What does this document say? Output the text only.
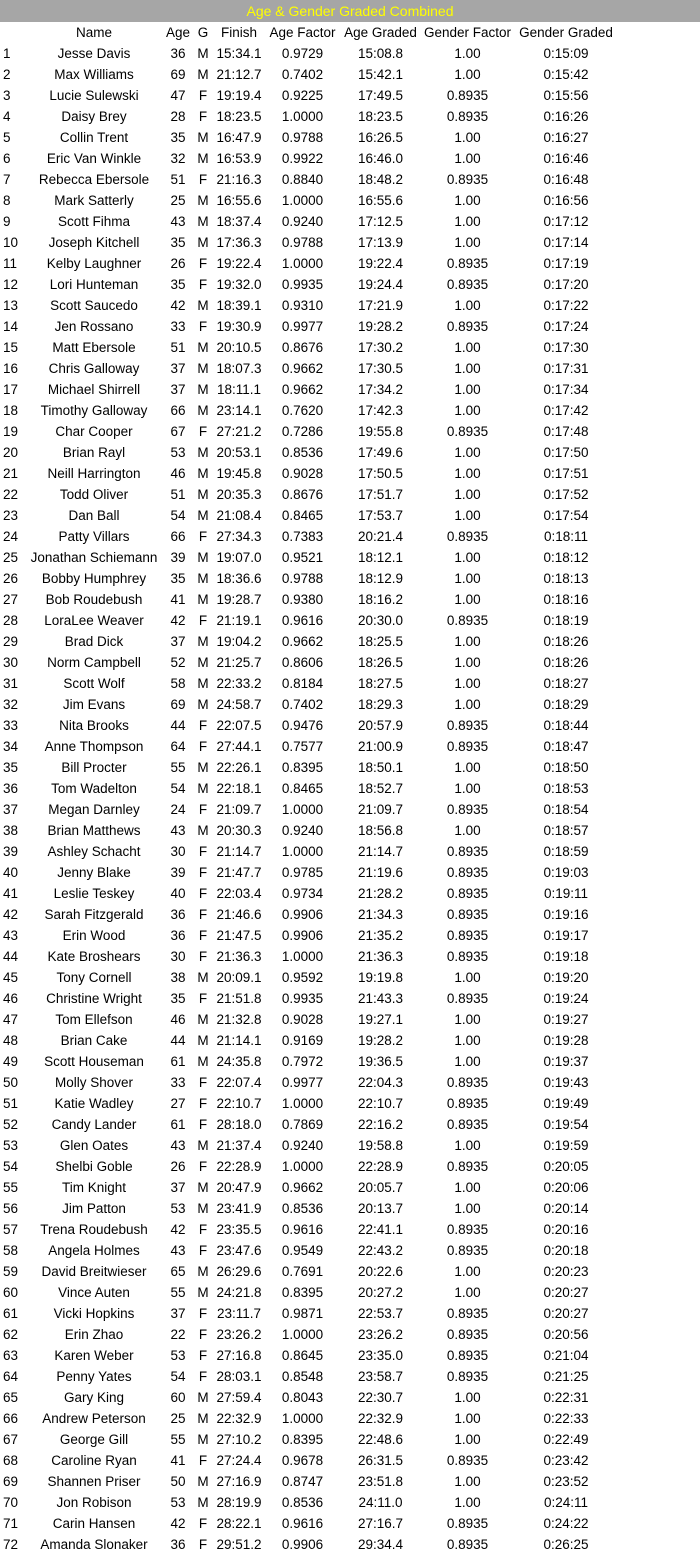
Age & Gender Graded Combined
	Name	Age	G	Finish	Age Factor	Age Graded	Gender Factor	Gender Graded	
1	Jesse Davis	36	M	15:34.1	0.9729	15:08.8	1.00	0:15:09	
2	Max Williams	69	M	21:12.7	0.7402	15:42.1	1.00	0:15:42	
3	Lucie Sulewski	47	F	19:19.4	0.9225	17:49.5	0.8935	0:15:56	
4	Daisy Brey	28	F	18:23.5	1.0000	18:23.5	0.8935	0:16:26	
5	Collin Trent	35	M	16:47.9	0.9788	16:26.5	1.00	0:16:27	
6	Eric Van Winkle	32	M	16:53.9	0.9922	16:46.0	1.00	0:16:46	
7	Rebecca Ebersole	51	F	21:16.3	0.8840	18:48.2	0.8935	0:16:48	
8	Mark Satterly	25	M	16:55.6	1.0000	16:55.6	1.00	0:16:56	
9	Scott Fihma	43	M	18:37.4	0.9240	17:12.5	1.00	0:17:12	
10	Joseph Kitchell	35	M	17:36.3	0.9788	17:13.9	1.00	0:17:14	
11	Kelby Laughner	26	F	19:22.4	1.0000	19:22.4	0.8935	0:17:19	
12	Lori Hunteman	35	F	19:32.0	0.9935	19:24.4	0.8935	0:17:20	
13	Scott Saucedo	42	M	18:39.1	0.9310	17:21.9	1.00	0:17:22	
14	Jen Rossano	33	F	19:30.9	0.9977	19:28.2	0.8935	0:17:24	
15	Matt Ebersole	51	M	20:10.5	0.8676	17:30.2	1.00	0:17:30	
16	Chris Galloway	37	M	18:07.3	0.9662	17:30.5	1.00	0:17:31	
17	Michael Shirrell	37	M	18:11.1	0.9662	17:34.2	1.00	0:17:34	
18	Timothy Galloway	66	M	23:14.1	0.7620	17:42.3	1.00	0:17:42	
19	Char Cooper	67	F	27:21.2	0.7286	19:55.8	0.8935	0:17:48	
20	Brian Rayl	53	M	20:53.1	0.8536	17:49.6	1.00	0:17:50	
21	Neill Harrington	46	M	19:45.8	0.9028	17:50.5	1.00	0:17:51	
22	Todd Oliver	51	M	20:35.3	0.8676	17:51.7	1.00	0:17:52	
23	Dan Ball	54	M	21:08.4	0.8465	17:53.7	1.00	0:17:54	
24	Patty Villars	66	F	27:34.3	0.7383	20:21.4	0.8935	0:18:11	
25	Jonathan Schiemann	39	M	19:07.0	0.9521	18:12.1	1.00	0:18:12	
26	Bobby Humphrey	35	M	18:36.6	0.9788	18:12.9	1.00	0:18:13	
27	Bob Roudebush	41	M	19:28.7	0.9380	18:16.2	1.00	0:18:16	
28	LoraLee Weaver	42	F	21:19.1	0.9616	20:30.0	0.8935	0:18:19	
29	Brad Dick	37	M	19:04.2	0.9662	18:25.5	1.00	0:18:26	
30	Norm Campbell	52	M	21:25.7	0.8606	18:26.5	1.00	0:18:26	
31	Scott Wolf	58	M	22:33.2	0.8184	18:27.5	1.00	0:18:27	
32	Jim Evans	69	M	24:58.7	0.7402	18:29.3	1.00	0:18:29	
33	Nita Brooks	44	F	22:07.5	0.9476	20:57.9	0.8935	0:18:44	
34	Anne Thompson	64	F	27:44.1	0.7577	21:00.9	0.8935	0:18:47	
35	Bill Procter	55	M	22:26.1	0.8395	18:50.1	1.00	0:18:50	
36	Tom Wadelton	54	M	22:18.1	0.8465	18:52.7	1.00	0:18:53	
37	Megan Darnley	24	F	21:09.7	1.0000	21:09.7	0.8935	0:18:54	
38	Brian Matthews	43	M	20:30.3	0.9240	18:56.8	1.00	0:18:57	
39	Ashley Schacht	30	F	21:14.7	1.0000	21:14.7	0.8935	0:18:59	
40	Jenny Blake	39	F	21:47.7	0.9785	21:19.6	0.8935	0:19:03	
41	Leslie Teskey	40	F	22:03.4	0.9734	21:28.2	0.8935	0:19:11	
42	Sarah Fitzgerald	36	F	21:46.6	0.9906	21:34.3	0.8935	0:19:16	
43	Erin Wood	36	F	21:47.5	0.9906	21:35.2	0.8935	0:19:17	
44	Kate Broshears	30	F	21:36.3	1.0000	21:36.3	0.8935	0:19:18	
45	Tony Cornell	38	M	20:09.1	0.9592	19:19.8	1.00	0:19:20	
46	Christine Wright	35	F	21:51.8	0.9935	21:43.3	0.8935	0:19:24	
47	Tom Ellefson	46	M	21:32.8	0.9028	19:27.1	1.00	0:19:27	
48	Brian Cake	44	M	21:14.1	0.9169	19:28.2	1.00	0:19:28	
49	Scott Houseman	61	M	24:35.8	0.7972	19:36.5	1.00	0:19:37	
50	Molly Shover	33	F	22:07.4	0.9977	22:04.3	0.8935	0:19:43	
51	Katie Wadley	27	F	22:10.7	1.0000	22:10.7	0.8935	0:19:49	
52	Candy Lander	61	F	28:18.0	0.7869	22:16.2	0.8935	0:19:54	
53	Glen Oates	43	M	21:37.4	0.9240	19:58.8	1.00	0:19:59	
54	Shelbi Goble	26	F	22:28.9	1.0000	22:28.9	0.8935	0:20:05	
55	Tim Knight	37	M	20:47.9	0.9662	20:05.7	1.00	0:20:06	
56	Jim Patton	53	M	23:41.9	0.8536	20:13.7	1.00	0:20:14	
57	Trena Roudebush	42	F	23:35.5	0.9616	22:41.1	0.8935	0:20:16	
58	Angela Holmes	43	F	23:47.6	0.9549	22:43.2	0.8935	0:20:18	
59	David Breitwieser	65	M	26:29.6	0.7691	20:22.6	1.00	0:20:23	
60	Vince Auten	55	M	24:21.8	0.8395	20:27.2	1.00	0:20:27	
61	Vicki Hopkins	37	F	23:11.7	0.9871	22:53.7	0.8935	0:20:27	
62	Erin Zhao	22	F	23:26.2	1.0000	23:26.2	0.8935	0:20:56	
63	Karen Weber	53	F	27:16.8	0.8645	23:35.0	0.8935	0:21:04	
64	Penny Yates	54	F	28:03.1	0.8548	23:58.7	0.8935	0:21:25	
65	Gary King	60	M	27:59.4	0.8043	22:30.7	1.00	0:22:31	
66	Andrew Peterson	25	M	22:32.9	1.0000	22:32.9	1.00	0:22:33	
67	George Gill	55	M	27:10.2	0.8395	22:48.6	1.00	0:22:49	
68	Caroline Ryan	41	F	27:24.4	0.9678	26:31.5	0.8935	0:23:42	
69	Shannen Priser	50	M	27:16.9	0.8747	23:51.8	1.00	0:23:52	
70	Jon Robison	53	M	28:19.9	0.8536	24:11.0	1.00	0:24:11	
71	Carin Hansen	42	F	28:22.1	0.9616	27:16.7	0.8935	0:24:22	
72	Amanda Slonaker	36	F	29:51.2	0.9906	29:34.4	0.8935	0:26:25	
